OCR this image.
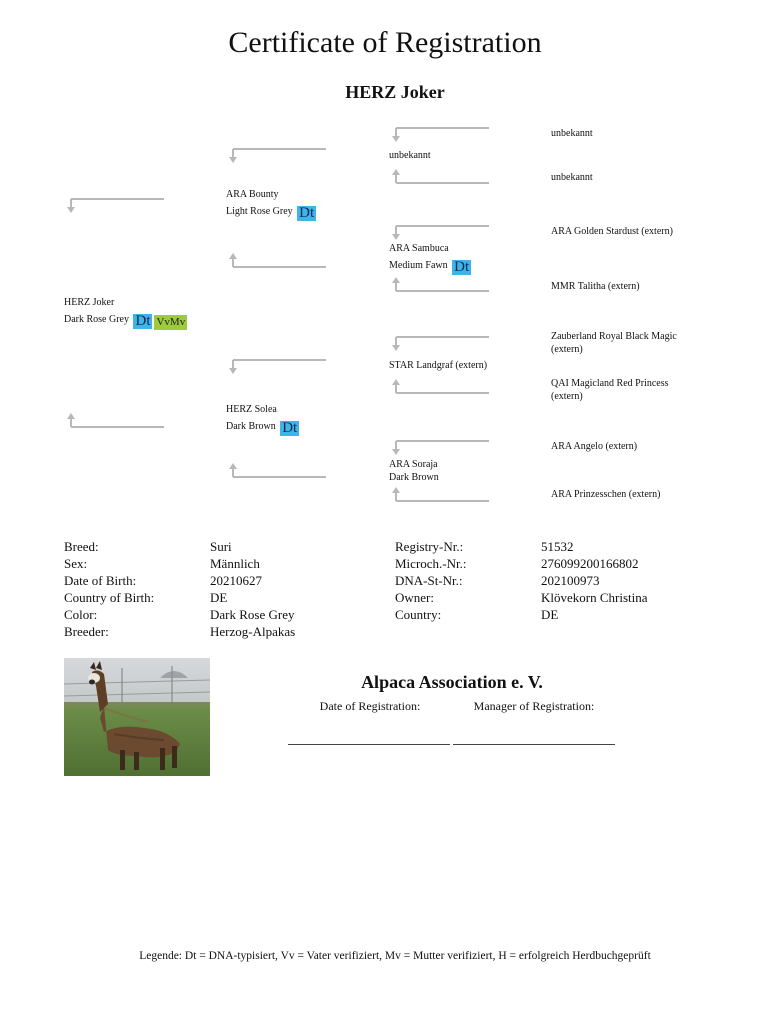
Certificate of Registration
HERZ Joker
HERZ Joker
Dark Rose Grey Dt VvMv
ARA Bounty
Light Rose Grey Dt
HERZ Solea
Dark Brown Dt
unbekannt
ARA Sambuca
Medium Fawn Dt
STAR Landgraf (extern)
ARA Soraja
Dark Brown
unbekannt
unbekannt
ARA Golden Stardust (extern)
MMR Talitha (extern)
Zauberland Royal Black Magic
(extern)
QAI Magicland Red Princess
(extern)
ARA Angelo (extern)
ARA Prinzesschen (extern)
Breed:
Sex:
Date of Birth:
Country of Birth:
Color:
Breeder:
Suri
Männlich
20210627
DE
Dark Rose Grey
Herzog-Alpakas
Registry-Nr.:
Microch.-Nr.:
DNA-St-Nr.:
Owner:
Country:
51532
276099200166802
202100973
Klövekorn Christina
DE
Alpaca Association e. V.
Date of Registration:	Manager of Registration:
Legende: Dt = DNA-typisiert, Vv = Vater verifiziert, Mv = Mutter verifiziert, H = erfolgreich Herdbuchgeprüft
